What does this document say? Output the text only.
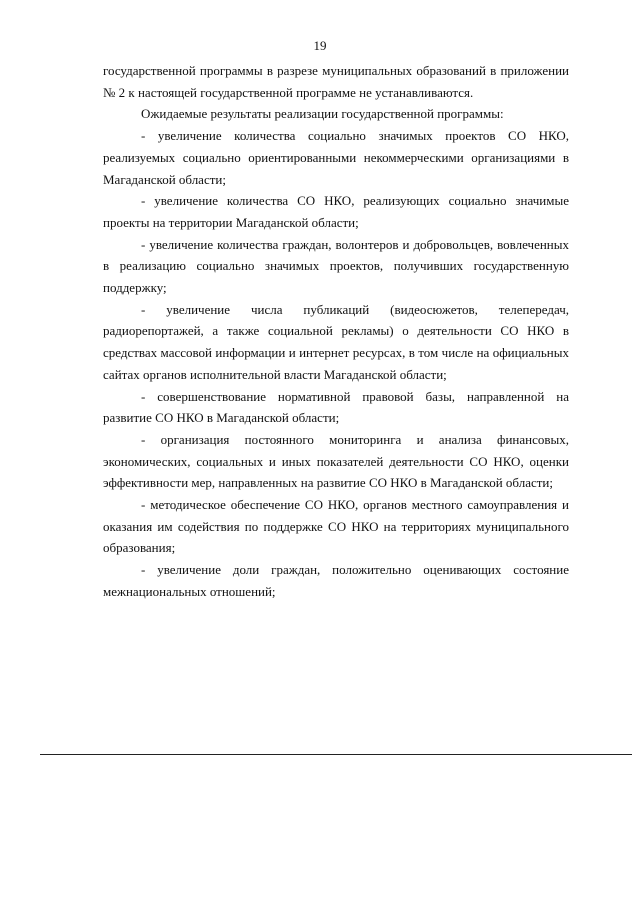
19

государственной программы в разрезе муниципальных образований в приложении № 2 к настоящей государственной программе не устанавливаются.

Ожидаемые результаты реализации государственной программы:

- увеличение количества социально значимых проектов СО НКО, реализуемых социально ориентированными некоммерческими организациями в Магаданской области;

- увеличение количества СО НКО, реализующих социально значимые проекты на территории Магаданской области;

- увеличение количества граждан, волонтеров и добровольцев, вовлеченных в реализацию социально значимых проектов, получивших государственную поддержку;

- увеличение числа публикаций (видеосюжетов, телепередач, радиорепортажей, а также социальной рекламы) о деятельности СО НКО в средствах массовой информации и интернет ресурсах, в том числе на официальных сайтах органов исполнительной власти Магаданской области;

- совершенствование нормативной правовой базы, направленной на развитие СО НКО в Магаданской области;

- организация постоянного мониторинга и анализа финансовых, экономических, социальных и иных показателей деятельности СО НКО, оценки эффективности мер, направленных на развитие СО НКО в Магаданской области;

- методическое обеспечение СО НКО, органов местного самоуправления и оказания им содействия по поддержке СО НКО на территориях муниципального образования;

- увеличение доли граждан, положительно оценивающих состояние межнациональных отношений;
